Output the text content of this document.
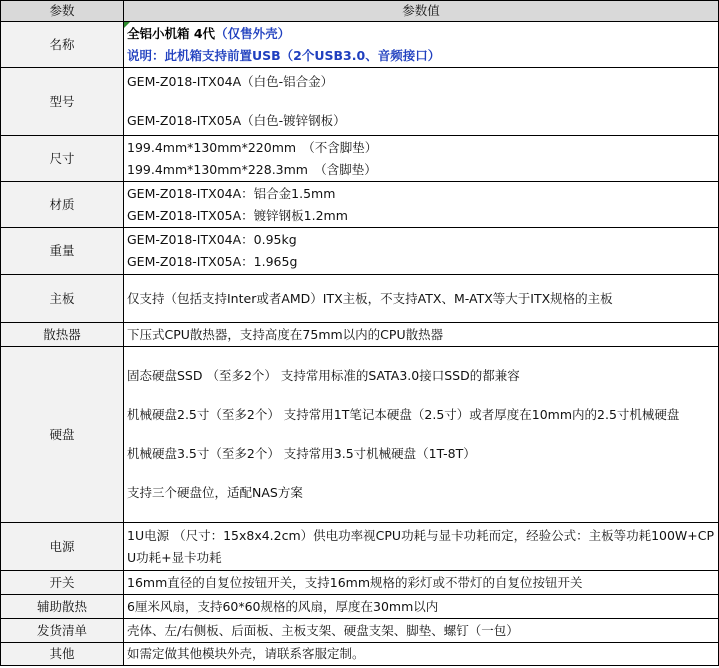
参数	参数值
名称	全铝小机箱 4代（仅售外壳）
说明：此机箱支持前置USB（2个USB3.0、音频接口）

型号	GEM-Z018-ITX04A（白色-铝合金）
GEM-Z018-ITX05A（白色-镀锌钢板）

尺寸	199.4mm*130mm*220mm　（不含脚垫）
199.4mm*130mm*228.3mm　（含脚垫）

材质	GEM-Z018-ITX04A：铝合金1.5mm
GEM-Z018-ITX05A：镀锌钢板1.2mm

重量	GEM-Z018-ITX04A：0.95kg
GEM-Z018-ITX05A：1.965g

主板	仅支持（包括支持Inter或者AMD）ITX主板，不支持ATX、M-ATX等大于ITX规格的主板

散热器	下压式CPU散热器，支持高度在75mm以内的CPU散热器

硬盘	固态硬盘SSD （至多2个） 支持常用标准的SATA3.0接口SSD的都兼容
机械硬盘2.5寸（至多2个） 支持常用1T笔记本硬盘（2.5寸）或者厚度在10mm内的2.5寸机械硬盘
机械硬盘3.5寸（至多2个） 支持常用3.5寸机械硬盘（1T-8T）
支持三个硬盘位，适配NAS方案

电源	1U电源 （尺寸：15x8x4.2cm）供电功率视CPU功耗与显卡功耗而定，经验公式：主板等功耗100W+CPU功耗+显卡功耗

开关	16mm直径的自复位按钮开关，支持16mm规格的彩灯或不带灯的自复位按钮开关

辅助散热	6厘米风扇，支持60*60规格的风扇，厚度在30mm以内

发货清单	壳体、左/右侧板、后面板、主板支架、硬盘支架、脚垫、螺钉（一包）

其他	如需定做其他模块外壳，请联系客服定制。
